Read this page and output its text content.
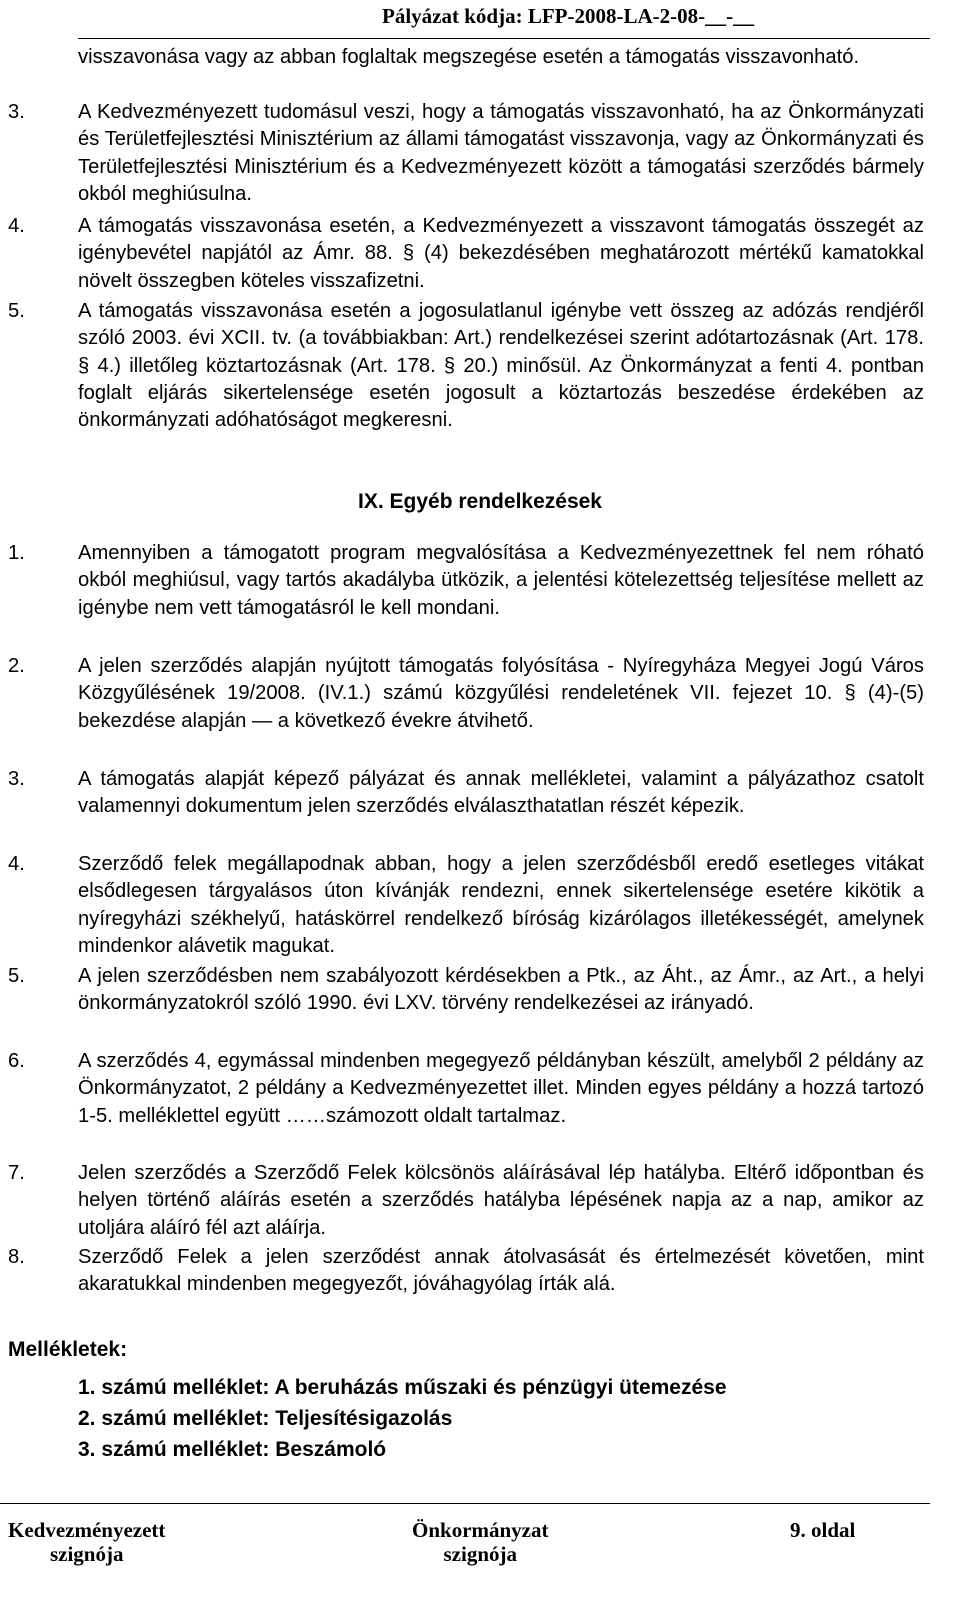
Pályázat kódja: LFP-2008-LA-2-08-__-__
visszavonása vagy az abban foglaltak megszegése esetén a támogatás visszavonható.
3.	A Kedvezményezett tudomásul veszi, hogy a támogatás visszavonható, ha az Önkormányzati és Területfejlesztési Minisztérium az állami támogatást visszavonja, vagy az Önkormányzati és Területfejlesztési Minisztérium és a Kedvezményezett között a támogatási szerződés bármely okból meghiúsulna.
4.	A támogatás visszavonása esetén, a Kedvezményezett a visszavont támogatás összegét az igénybevétel napjától az Ámr. 88. § (4) bekezdésében meghatározott mértékű kamatokkal növelt összegben köteles visszafizetni.
5.	A támogatás visszavonása esetén a jogosulatlanul igénybe vett összeg az adózás rendjéről szóló 2003. évi XCII. tv. (a továbbiakban: Art.) rendelkezései szerint adótartozásnak (Art. 178. § 4.) illetőleg köztartozásnak (Art. 178. § 20.) minősül. Az Önkormányzat a fenti 4. pontban foglalt eljárás sikertelensége esetén jogosult a köztartozás beszedése érdekében az önkormányzati adóhatóságot megkeresni.
IX. Egyéb rendelkezések
1.	Amennyiben a támogatott program megvalósítása a Kedvezményezettnek fel nem róható okból meghiúsul, vagy tartós akadályba ütközik, a jelentési kötelezettség teljesítése mellett az igénybe nem vett támogatásról le kell mondani.
2.	A jelen szerződés alapján nyújtott támogatás folyósítása - Nyíregyháza Megyei Jogú Város Közgyűlésének 19/2008. (IV.1.) számú közgyűlési rendeletének VII. fejezet 10. § (4)-(5) bekezdése alapján — a következő évekre átvihető.
3.	A támogatás alapját képező pályázat és annak mellékletei, valamint a pályázathoz csatolt valamennyi dokumentum jelen szerződés elválaszthatatlan részét képezik.
4.	Szerződő felek megállapodnak abban, hogy a jelen szerződésből eredő esetleges vitákat elsődlegesen tárgyalásos úton kívánják rendezni, ennek sikertelensége esetére kikötik a nyíregyházi székhelyű, hatáskörrel rendelkező bíróság kizárólagos illetékességét, amelynek mindenkor alávetik magukat.
5.	A jelen szerződésben nem szabályozott kérdésekben a Ptk., az Áht., az Ámr., az Art., a helyi önkormányzatokról szóló 1990. évi LXV. törvény rendelkezései az irányadó.
6.	A szerződés 4, egymással mindenben megegyező példányban készült, amelyből 2 példány az Önkormányzatot, 2 példány a Kedvezményezettet illet. Minden egyes példány a hozzá tartozó 1-5. melléklettel együtt ……számozott oldalt tartalmaz.
7.	Jelen szerződés a Szerződő Felek kölcsönös aláírásával lép hatályba. Eltérő időpontban és helyen történő aláírás esetén a szerződés hatályba lépésének napja az a nap, amikor az utoljára aláíró fél azt aláírja.
8.	Szerződő Felek a jelen szerződést annak átolvasását és értelmezését követően, mint akaratukkal mindenben megegyezőt, jóváhagyólag írták alá.
Mellékletek:
1. számú melléklet: A beruházás műszaki és pénzügyi ütemezése
2. számú melléklet: Teljesítésigazolás
3. számú melléklet: Beszámoló
Kedvezményezett
szignója
Önkormányzat
szignója
9. oldal
